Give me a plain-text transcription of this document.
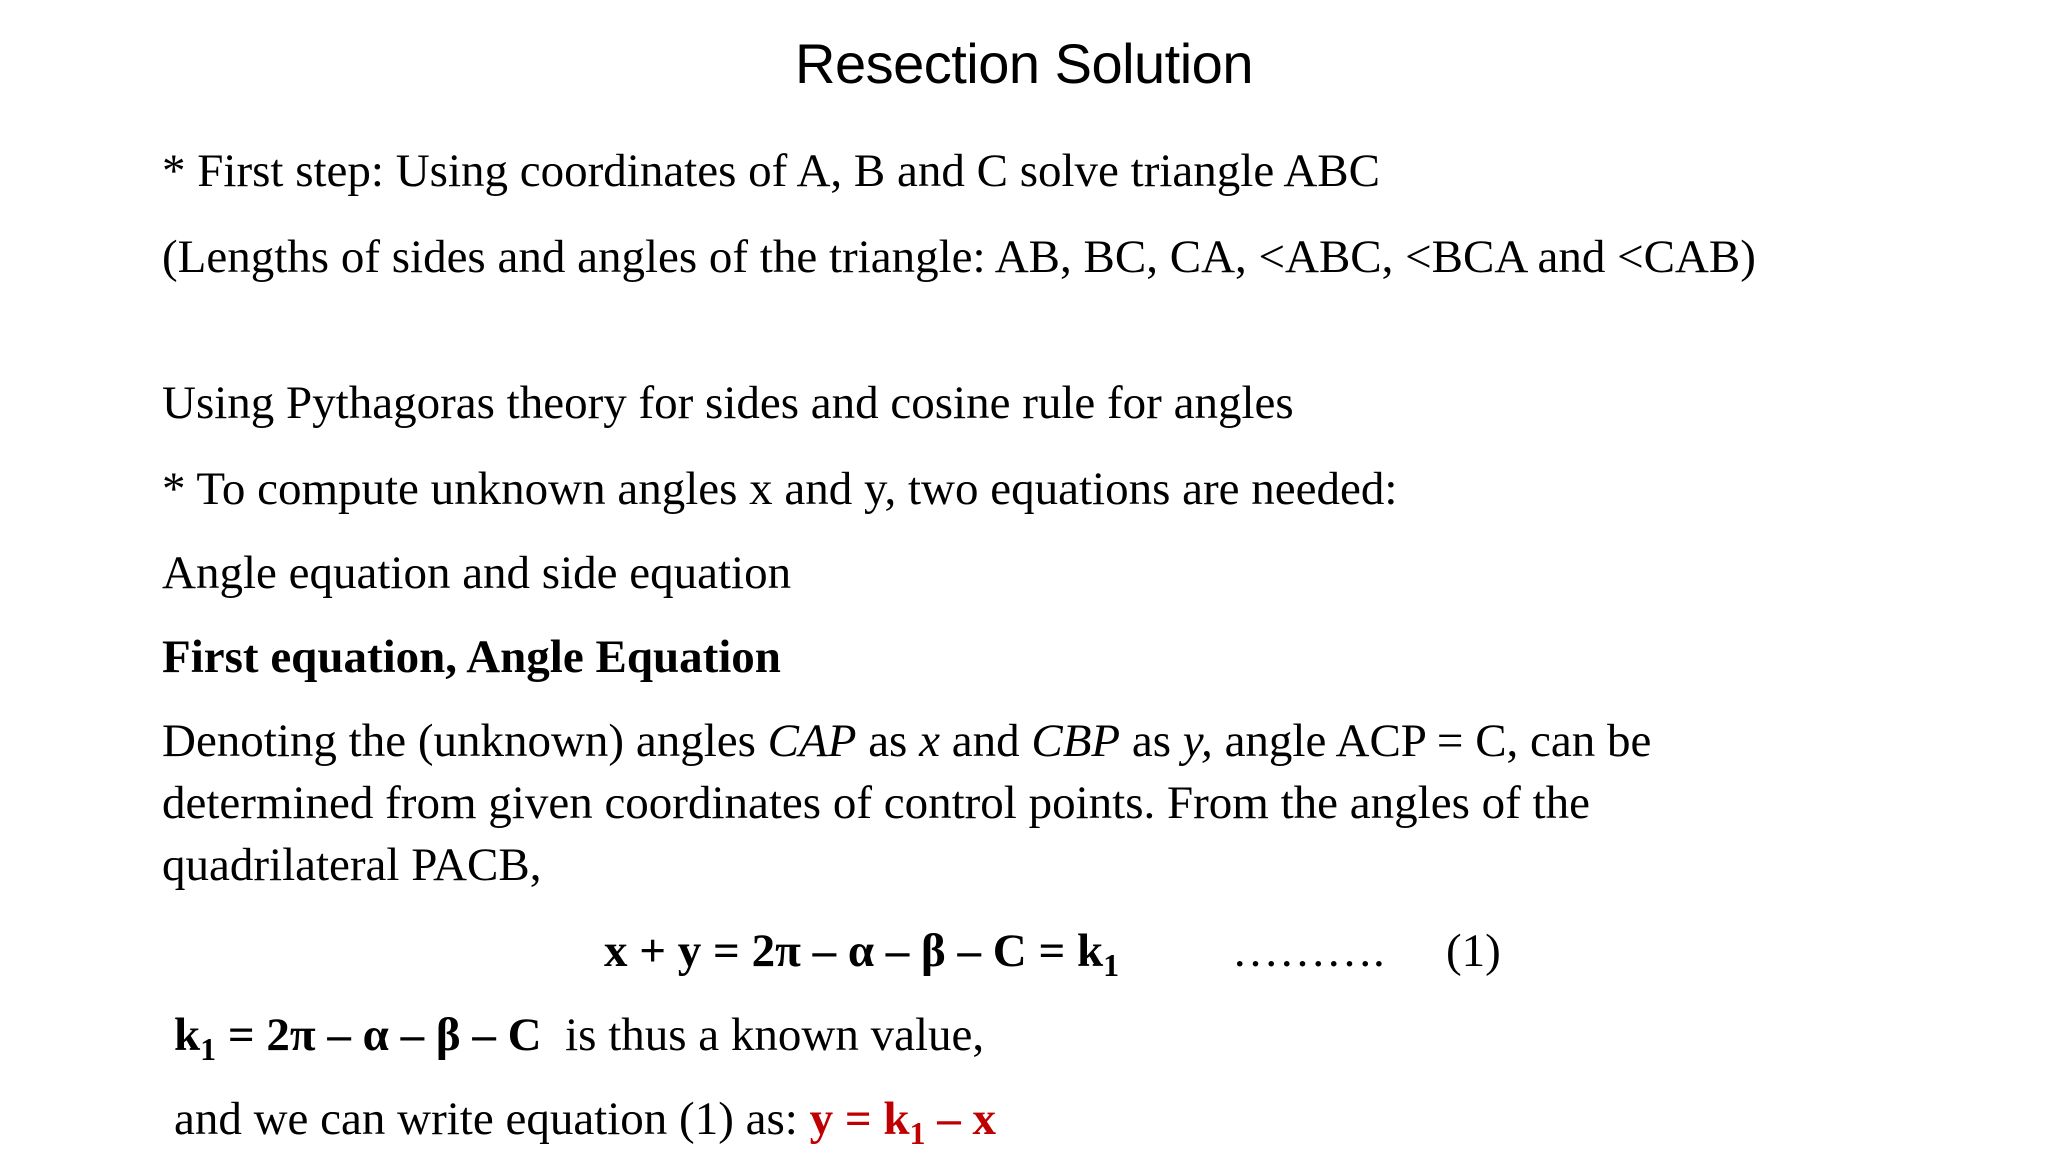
Resection Solution
* First step: Using coordinates of A, B and C solve triangle ABC
(Lengths of sides and angles of the triangle: AB, BC, CA, <ABC, <BCA and <CAB)
Using Pythagoras theory for sides and cosine rule for angles
* To compute unknown angles x and y, two equations are needed:
Angle equation and side equation
First equation, Angle Equation
Denoting the (unknown) angles CAP as x and CBP as y, angle ACP = C, can be determined from given coordinates of control points. From the angles of the quadrilateral PACB,
$x + y = 2\pi - \alpha - \beta - C = k_1$ ………. (1)
$k_1 = 2\pi - \alpha - \beta - C$  is thus a known value,
and we can write equation (1) as: $y = k_1 - x$
